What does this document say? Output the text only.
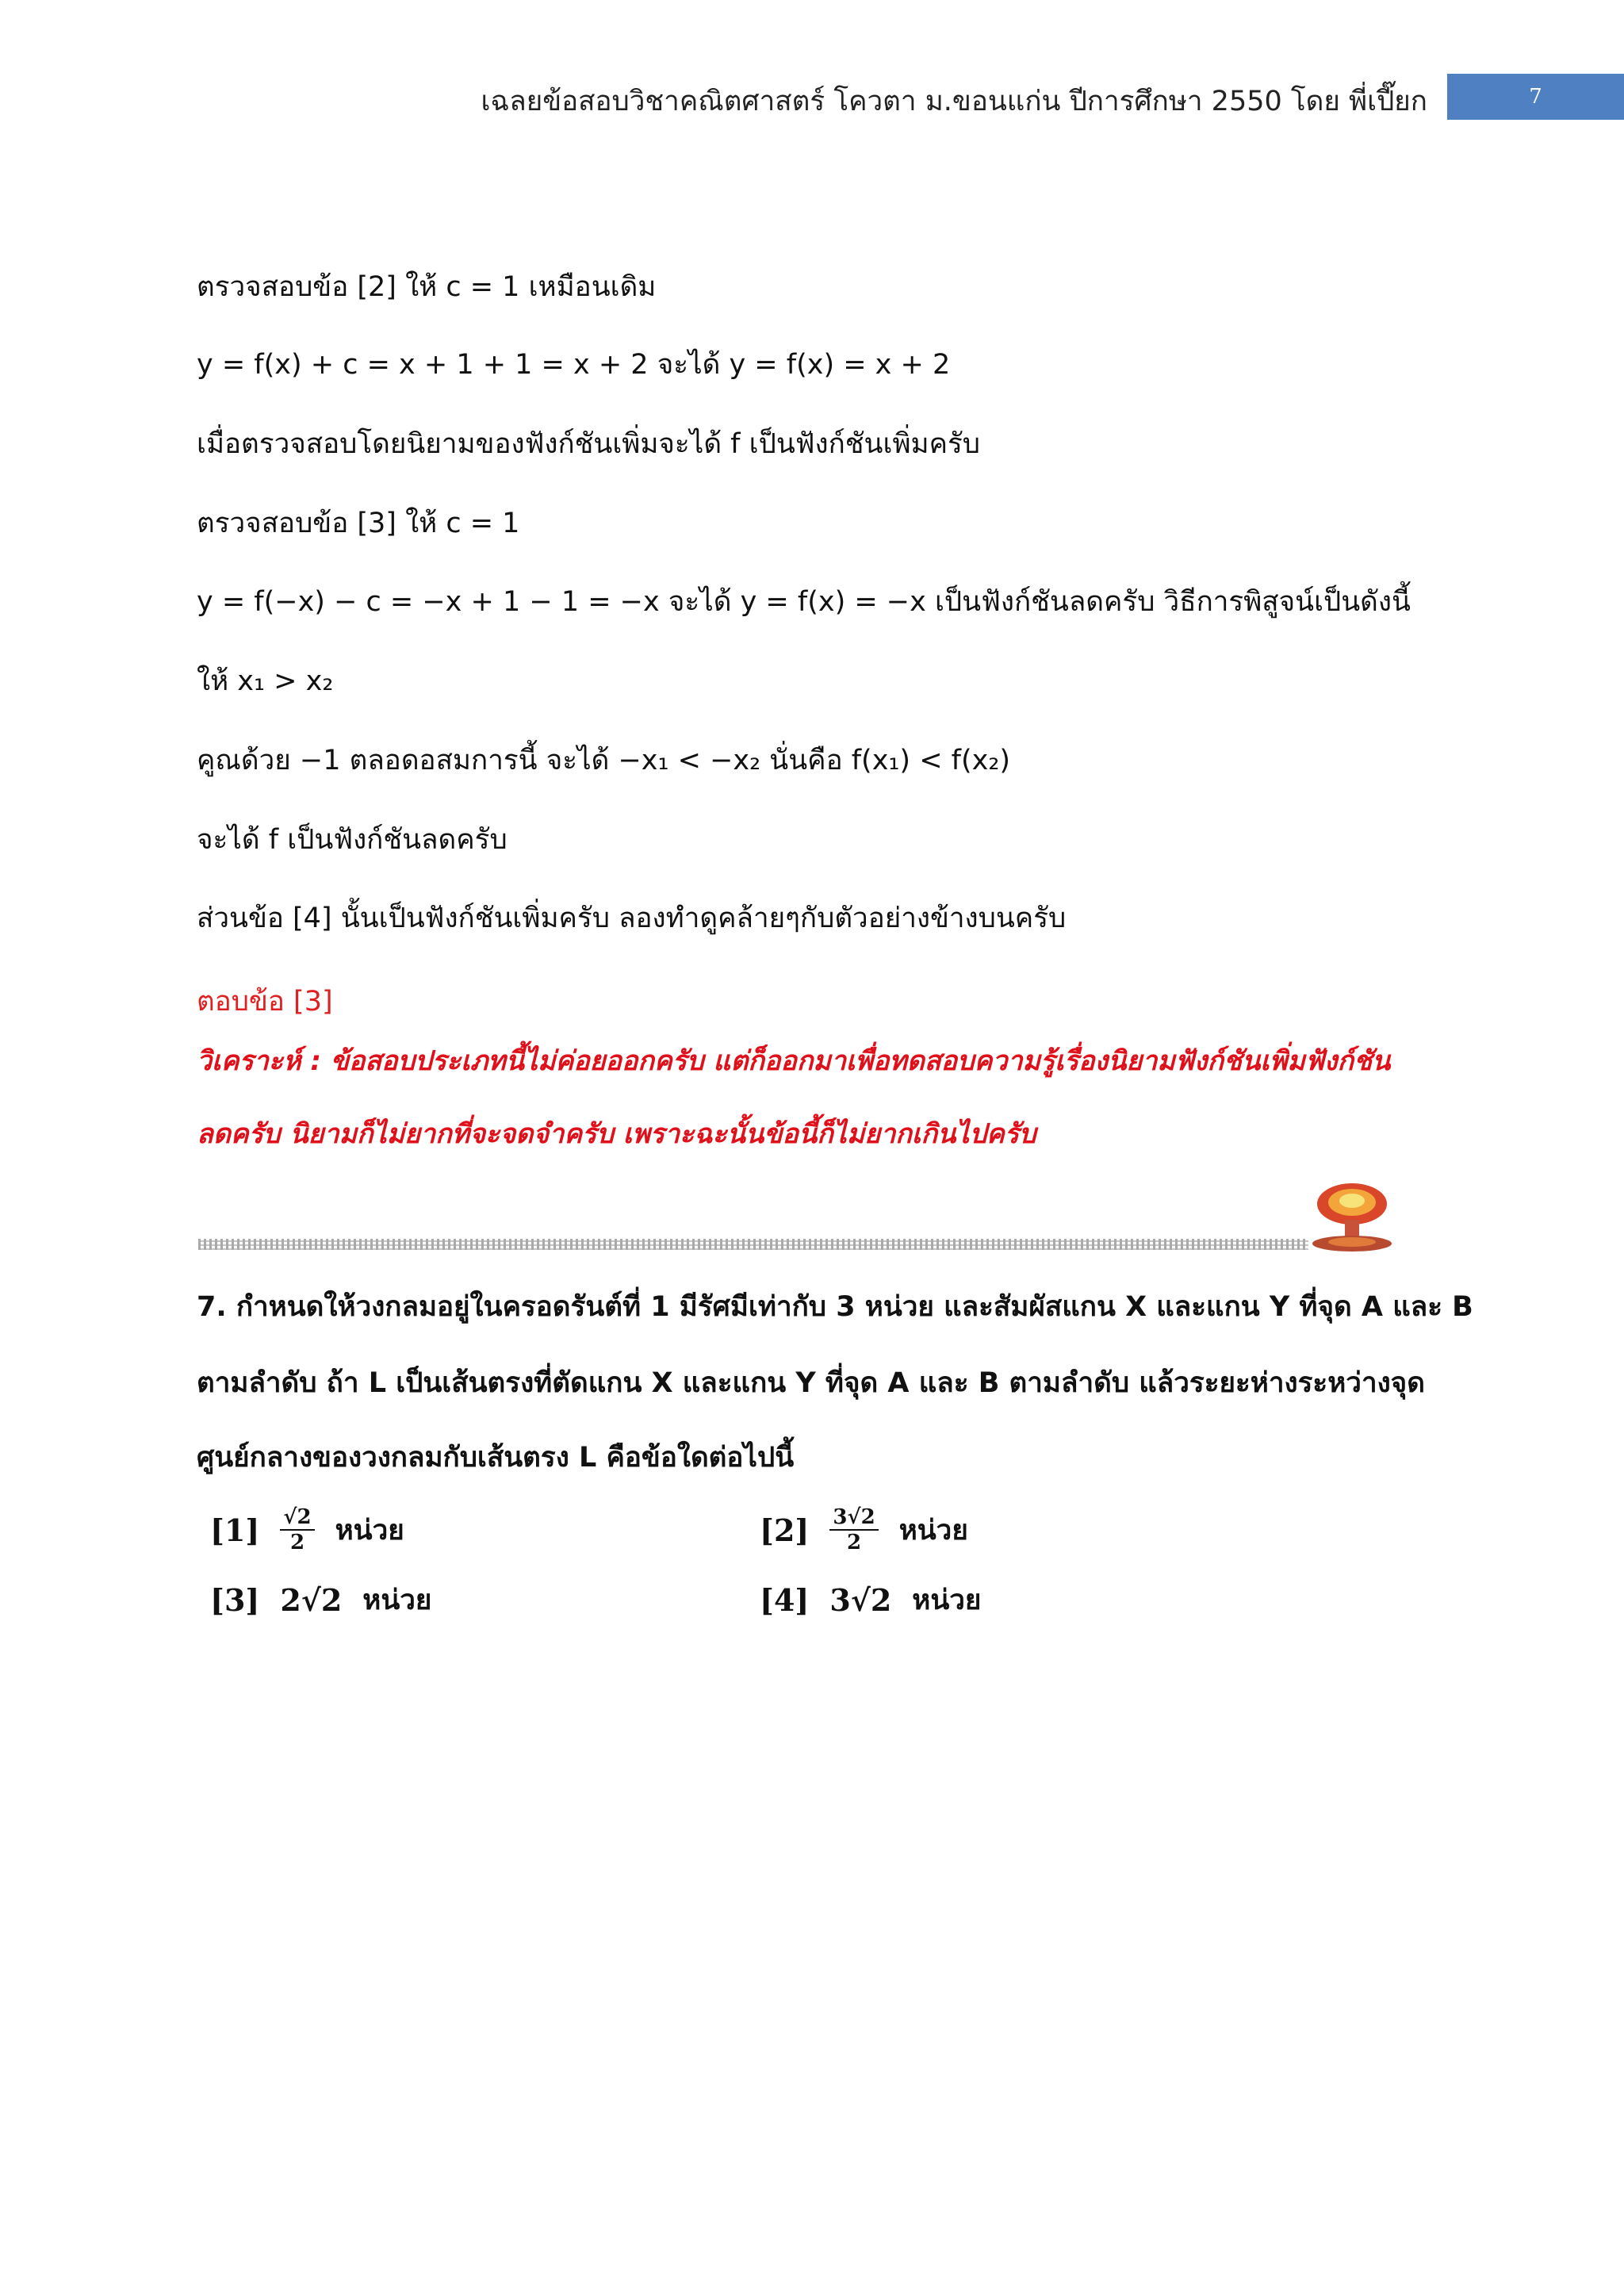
เฉลยข้อสอบวิชาคณิตศาสตร์ โควตา ม.ขอนแก่น ปีการศึกษา 2550 โดย พี่เปี๊ยก	7
ตรวจสอบข้อ [2] ให้ c = 1 เหมือนเดิม
y = f(x) + c = x + 1 + 1 = x + 2 จะได้ y = f(x) = x + 2
เมื่อตรวจสอบโดยนิยามของฟังก์ชันเพิ่มจะได้ f เป็นฟังก์ชันเพิ่มครับ
ตรวจสอบข้อ [3] ให้ c = 1
y = f(−x) − c = −x + 1 − 1 = −x จะได้ y = f(x) = −x เป็นฟังก์ชันลดครับ วิธีการพิสูจน์เป็นดังนี้
ให้ x₁ > x₂
คูณด้วย −1 ตลอดอสมการนี้ จะได้ −x₁ < −x₂ นั่นคือ f(x₁) < f(x₂)
จะได้ f เป็นฟังก์ชันลดครับ
ส่วนข้อ [4] นั้นเป็นฟังก์ชันเพิ่มครับ ลองทำดูคล้ายๆกับตัวอย่างข้างบนครับ
ตอบข้อ [3]
วิเคราะห์ : ข้อสอบประเภทนี้ไม่ค่อยออกครับ แต่ก็ออกมาเพื่อทดสอบความรู้เรื่องนิยามฟังก์ชันเพิ่มฟังก์ชัน
ลดครับ นิยามก็ไม่ยากที่จะจดจำครับ เพราะฉะนั้นข้อนี้ก็ไม่ยากเกินไปครับ
7. กำหนดให้วงกลมอยู่ในครอดรันต์ที่ 1 มีรัศมีเท่ากับ 3 หน่วย และสัมผัสแกน X และแกน Y ที่จุด A และ B
ตามลำดับ ถ้า L เป็นเส้นตรงที่ตัดแกน X และแกน Y ที่จุด A และ B ตามลำดับ แล้วระยะห่างระหว่างจุด
ศูนย์กลางของวงกลมกับเส้นตรง L คือข้อใดต่อไปนี้
$[1] \frac{√2}{2}$ หน่วย	$[2] \frac{3√2}{2}$ หน่วย
[3] 2√2 หน่วย	[4] 3√2 หน่วย
